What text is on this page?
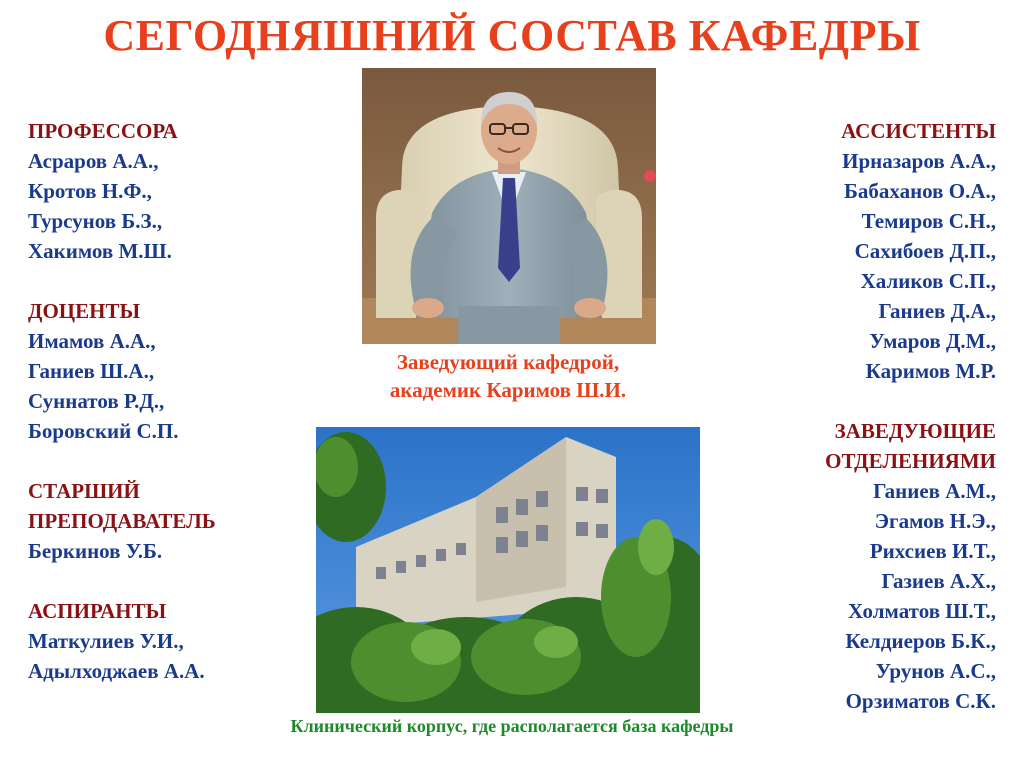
СЕГОДНЯШНИЙ СОСТАВ КАФЕДРЫ
ПРОФЕССОРА
Асраров А.А.,
Кротов Н.Ф.,
Турсунов Б.З.,
Хакимов М.Ш.
ДОЦЕНТЫ
Имамов А.А.,
Ганиев Ш.А.,
Суннатов Р.Д.,
Боровский С.П.
СТАРШИЙ
ПРЕПОДАВАТЕЛЬ
Беркинов У.Б.
АСПИРАНТЫ
Маткулиев У.И.,
Адылходжаев А.А.
АССИСТЕНТЫ
Ирназаров А.А.,
Бабаханов О.А.,
Темиров С.Н.,
Сахибоев Д.П.,
Халиков С.П.,
Ганиев Д.А.,
Умаров Д.М.,
Каримов М.Р.
ЗАВЕДУЮЩИЕ
ОТДЕЛЕНИЯМИ
Ганиев А.М.,
Эгамов Н.Э.,
Рихсиев И.Т.,
Газиев А.Х.,
Холматов Ш.Т.,
Келдиеров Б.К.,
Урунов А.С.,
Орзиматов С.К.
Заведующий кафедрой,
академик Каримов Ш.И.
Клинический корпус, где располагается база кафедры
